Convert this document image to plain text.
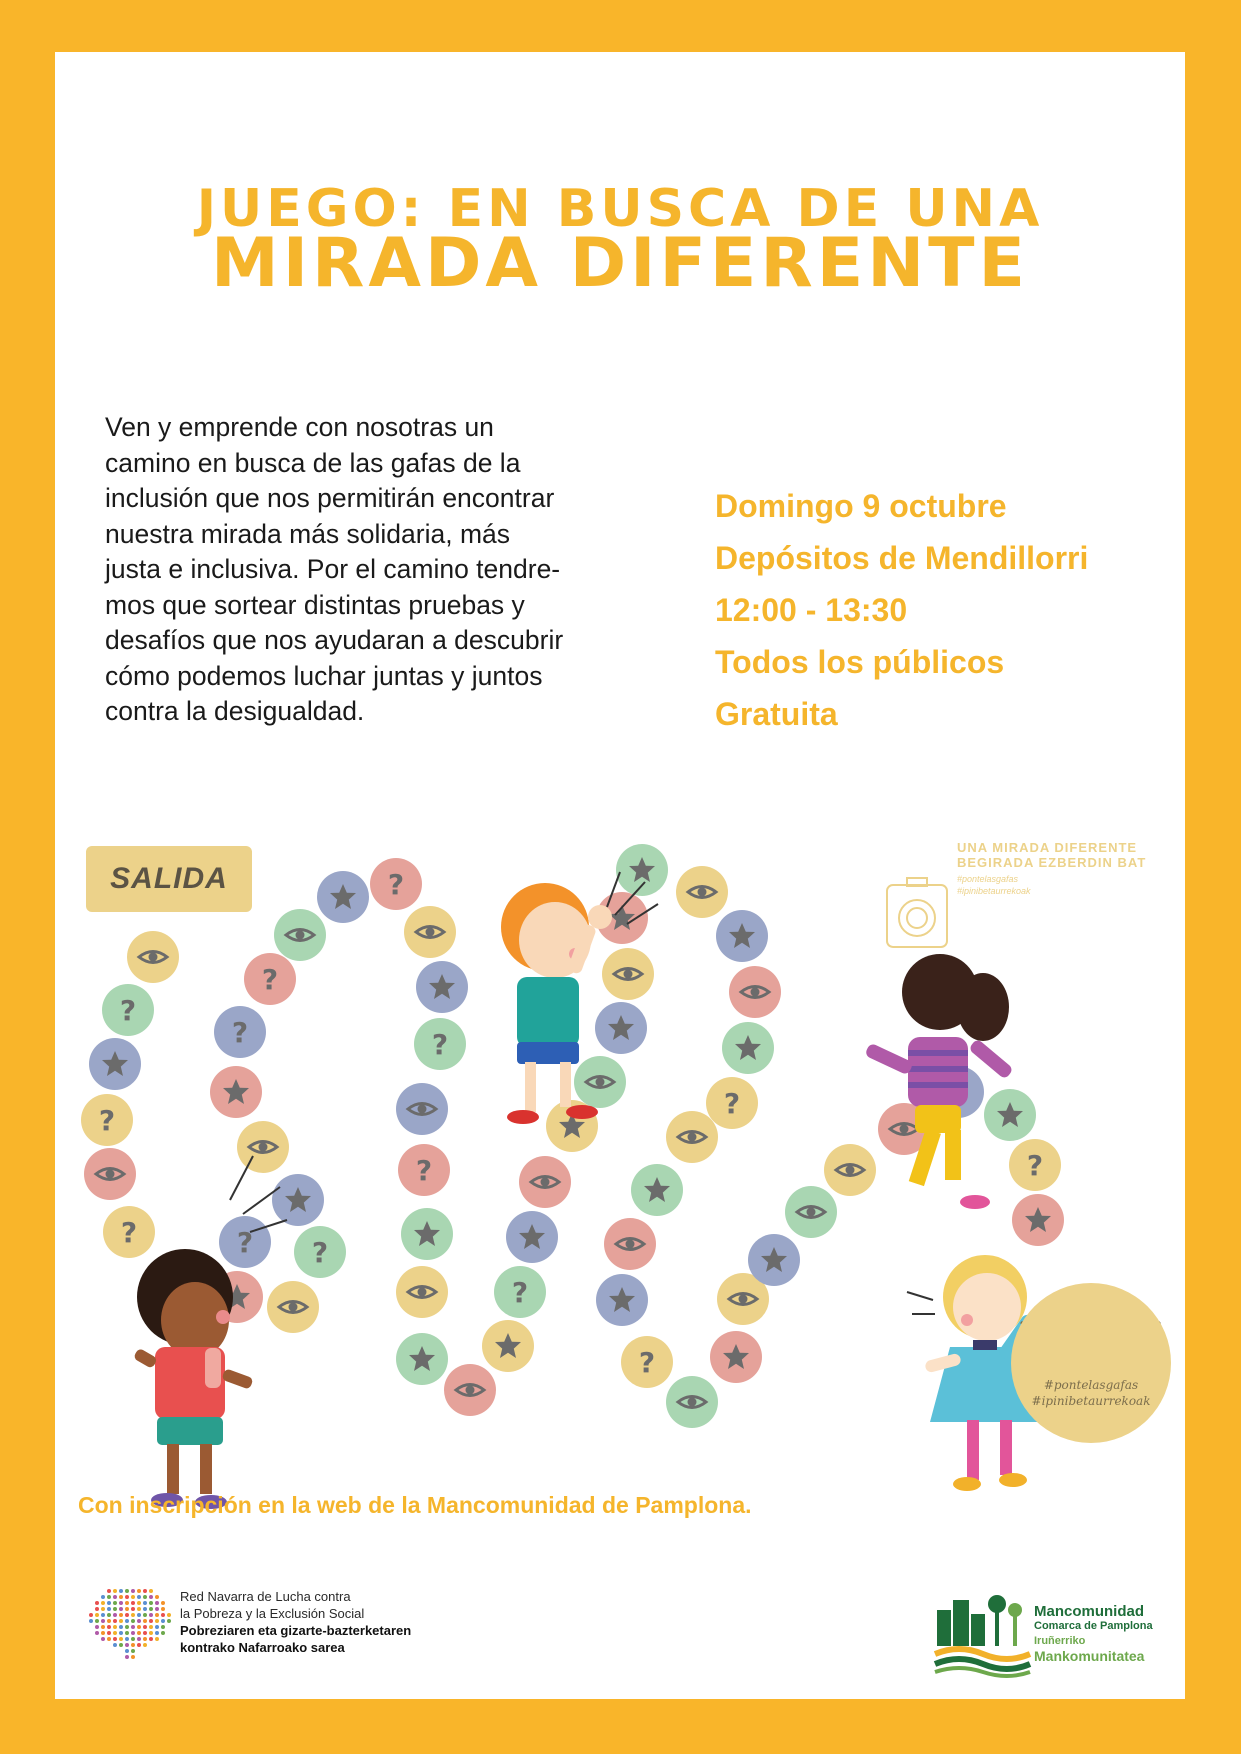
JUEGO: EN BUSCA DE UNA
MIRADA DIFERENTE
Ven y emprende con nosotras un
camino en busca de las gafas de la
inclusión que nos permitirán encontrar
nuestra mirada más solidaria, más
justa e inclusiva. Por el camino tendre-
mos que sortear distintas pruebas y
desafíos que nos ayudaran a descubrir
cómo podemos luchar juntas y juntos
contra la desigualdad.
Domingo 9 octubre
Depósitos de Mendillorri
12:00 - 13:30
Todos los públicos
Gratuita
?
SALIDA
UNA MIRADA DIFERENTE
BEGIRADA EZBERDIN BAT
#pontelasgafas
#ipinibetaurrekoak
#pontelasgafas
#ipinibetaurrekoak
Con inscripción en la web de la Mancomunidad de Pamplona.
Red Navarra de Lucha contra
la Pobreza y la Exclusión Social
Pobreziaren eta gizarte-bazterketaren
kontrako Nafarroako sarea
Mancomunidad
Comarca de Pamplona
Iruñerriko
Mankomunitatea
